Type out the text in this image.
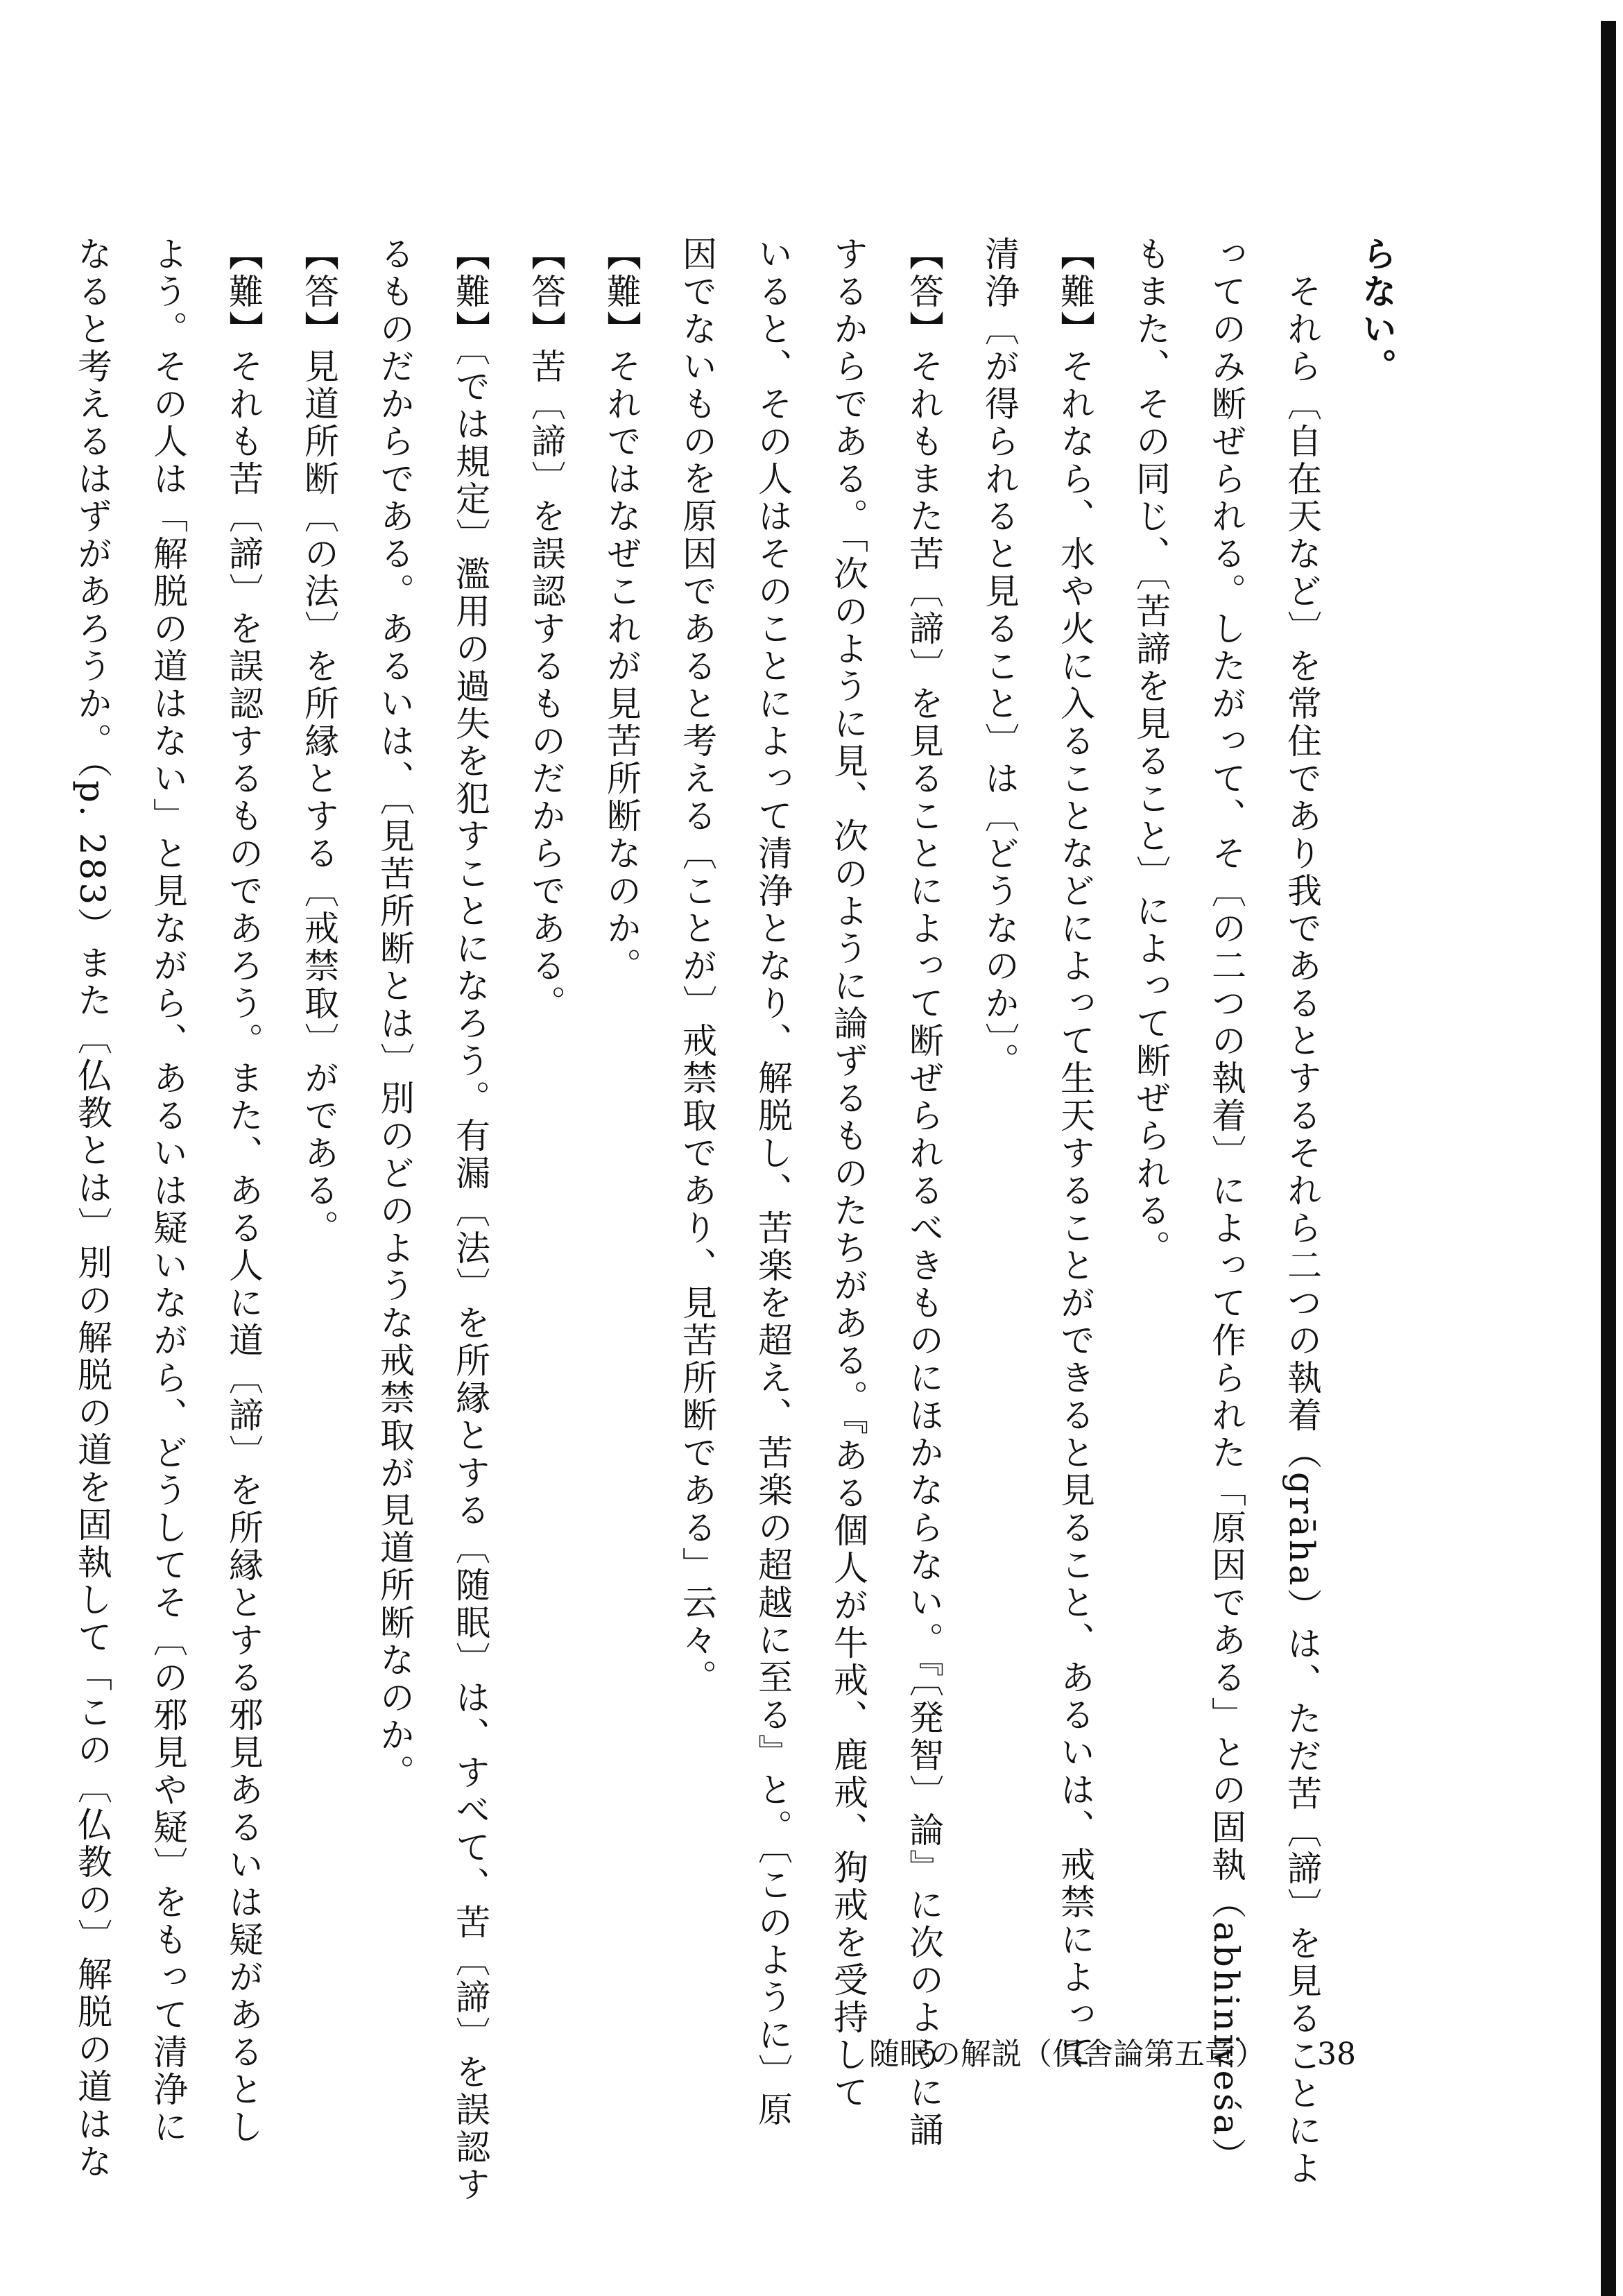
らない。
　それら〔自在天など〕を常住であり我であるとするそれら二つの執着（grāha）は、ただ苦〔諦〕を見ることによ
ってのみ断ぜられる。したがって、そ〔の二つの執着〕によって作られた「原因である」との固執（abhiniveśa）
もまた、その同じ、〔苦諦を見ること〕によって断ぜられる。
【難】それなら、水や火に入ることなどによって生天することができると見ること、あるいは、戒禁によって
清浄〔が得られると見ること〕は〔どうなのか〕。
【答】それもまた苦〔諦〕を見ることによって断ぜられるべきものにほかならない。『〔発智〕論』に次のように誦
するからである。「次のように見、次のように論ずるものたちがある。『ある個人が牛戒、鹿戒、狗戒を受持して
いると、その人はそのことによって清浄となり、解脱し、苦楽を超え、苦楽の超越に至る』と。〔このように〕原
因でないものを原因であると考える〔ことが〕戒禁取であり、見苦所断である」云々。
【難】それではなぜこれが見苦所断なのか。
【答】苦〔諦〕を誤認するものだからである。
【難】〔では規定〕濫用の過失を犯すことになろう。有漏〔法〕を所縁とする〔随眠〕は、すべて、苦〔諦〕を誤認す
るものだからである。あるいは、〔見苦所断とは〕別のどのような戒禁取が見道所断なのか。
【答】見道所断〔の法〕を所縁とする〔戒禁取〕がである。
【難】それも苦〔諦〕を誤認するものであろう。また、ある人に道〔諦〕を所縁とする邪見あるいは疑があるとし
よう。その人は「解脱の道はない」と見ながら、あるいは疑いながら、どうしてそ〔の邪見や疑〕をもって清浄に
なると考えるはずがあろうか。（p. 283）また〔仏教とは〕別の解脱の道を固執して「この〔仏教の〕解脱の道はな	随眠の解説（倶舎論第五章） 38
